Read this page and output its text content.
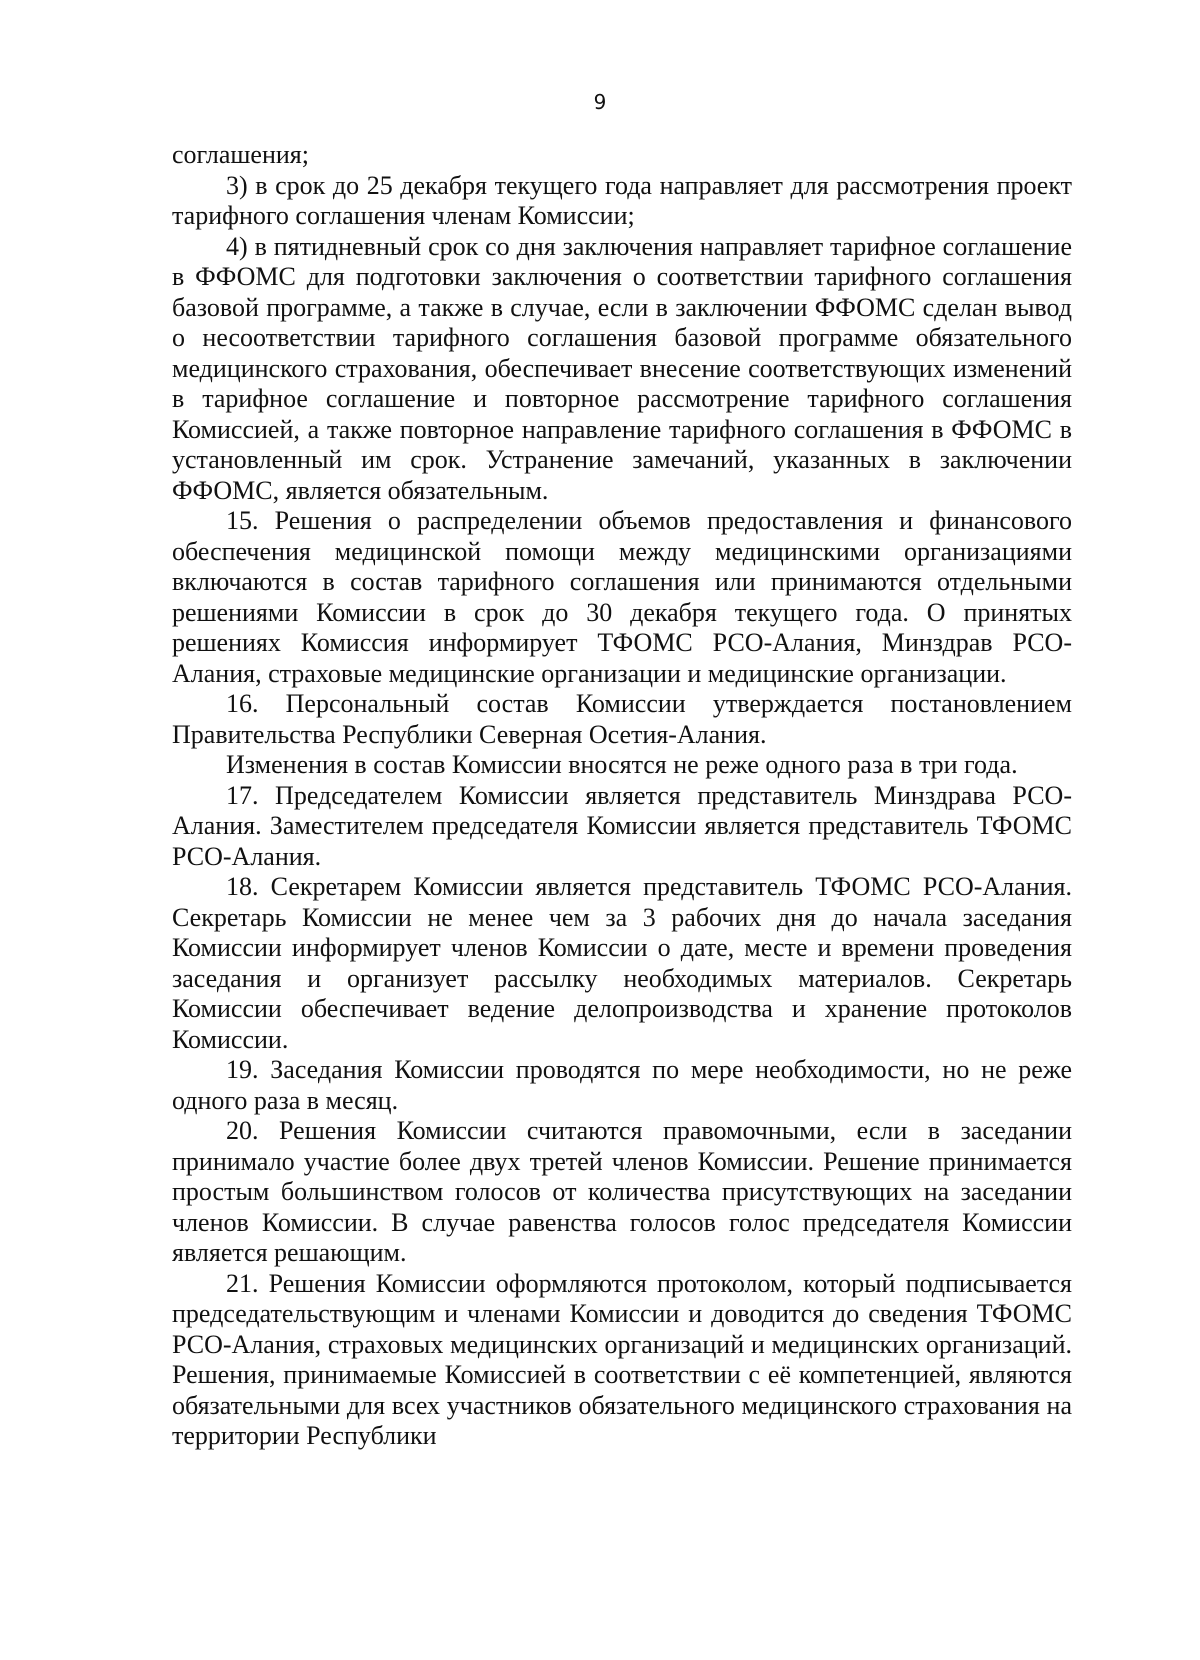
9

соглашения;

3) в срок до 25 декабря текущего года направляет для рассмотрения проект тарифного соглашения членам Комиссии;

4) в пятидневный срок со дня заключения направляет тарифное соглашение в ФФОМС для подготовки заключения о соответствии тарифного соглашения базовой программе, а также в случае, если в заключении ФФОМС сделан вывод о несоответствии тарифного соглашения базовой программе обязательного медицинского страхования, обеспечивает внесение соответствующих изменений в тарифное соглашение и повторное рассмотрение тарифного соглашения Комиссией, а также повторное направление тарифного соглашения в ФФОМС в установленный им срок. Устранение замечаний, указанных в заключении ФФОМС, является обязательным.

15. Решения о распределении объемов предоставления и финансового обеспечения медицинской помощи между медицинскими организациями включаются в состав тарифного соглашения или принимаются отдельными решениями Комиссии в срок до 30 декабря текущего года. О принятых решениях Комиссия информирует ТФОМС РСО-Алания, Минздрав РСО-Алания, страховые медицинские организации и медицинские организации.

16. Персональный состав Комиссии утверждается постановлением Правительства Республики Северная Осетия-Алания.

Изменения в состав Комиссии вносятся не реже одного раза в три года.

17. Председателем Комиссии является представитель Минздрава РСО-Алания. Заместителем председателя Комиссии является представитель ТФОМС РСО-Алания.

18. Секретарем Комиссии является представитель ТФОМС РСО-Алания. Секретарь Комиссии не менее чем за 3 рабочих дня до начала заседания Комиссии информирует членов Комиссии о дате, месте и времени проведения заседания и организует рассылку необходимых материалов. Секретарь Комиссии обеспечивает ведение делопроизводства и хранение протоколов Комиссии.

19. Заседания Комиссии проводятся по мере необходимости, но не реже одного раза в месяц.

20. Решения Комиссии считаются правомочными, если в заседании принимало участие более двух третей членов Комиссии. Решение принимается простым большинством голосов от количества присутствующих на заседании членов Комиссии. В случае равенства голосов голос председателя Комиссии является решающим.

21. Решения Комиссии оформляются протоколом, который подписывается председательствующим и членами Комиссии и доводится до сведения ТФОМС РСО-Алания, страховых медицинских организаций и медицинских организаций. Решения, принимаемые Комиссией в соответствии с её компетенцией, являются обязательными для всех участников обязательного медицинского страхования на территории Республики
